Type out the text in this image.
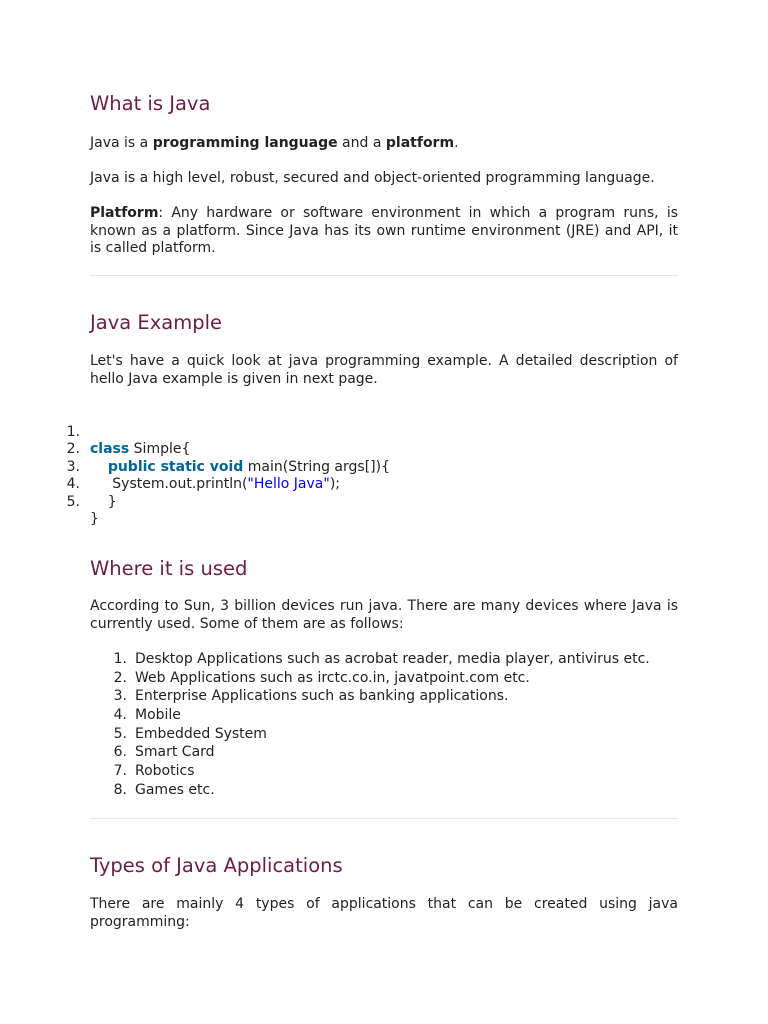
What is Java

Java is a programming language and a platform.

Java is a high level, robust, secured and object-oriented programming language.

Platform: Any hardware or software environment in which a program runs, is known as a platform. Since Java has its own runtime environment (JRE) and API, it is called platform.

Java Example

Let's have a quick look at java programming example. A detailed description of hello Java example is given in next page.

1.

class Simple{

2.

public static void main(String args[]){

3.

System.out.println("Hello Java");

4.

}

5.

}

Where it is used

According to Sun, 3 billion devices run java. There are many devices where Java is currently used. Some of them are as follows:

1. Desktop Applications such as acrobat reader, media player, antivirus etc.
2. Web Applications such as irctc.co.in, javatpoint.com etc.
3. Enterprise Applications such as banking applications.
4. Mobile
5. Embedded System
6. Smart Card
7. Robotics
8. Games etc.
Types of Java Applications

There are mainly 4 types of applications that can be created using java programming:
